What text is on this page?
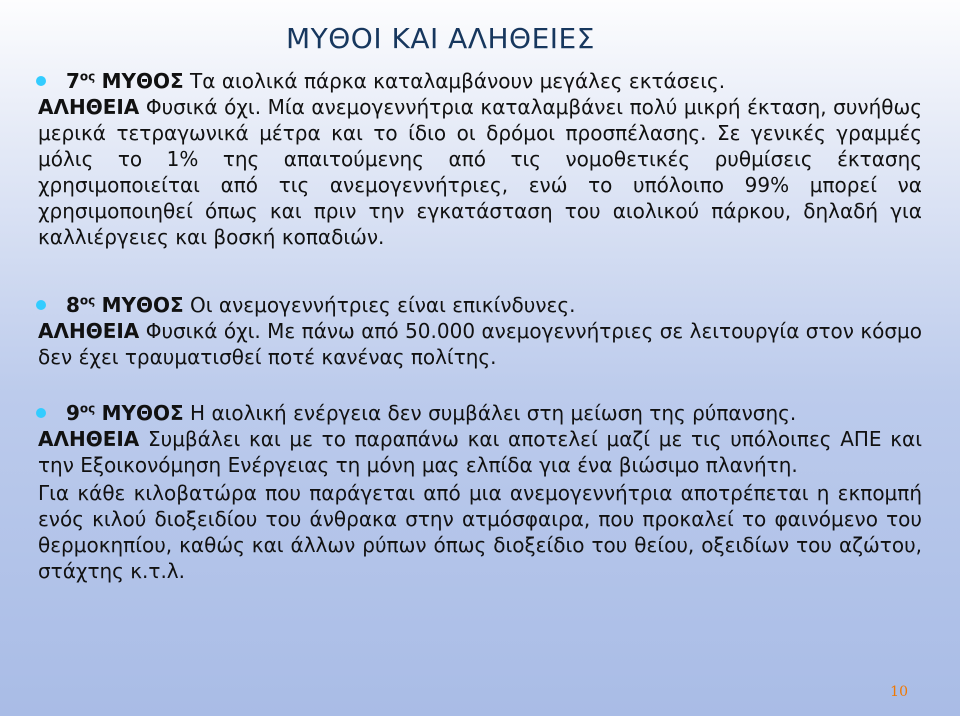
ΜΥΘΟΙ ΚΑΙ ΑΛΗΘΕΙΕΣ
$7^{o\varsigma}$ ΜΥΘΟΣ Τα αιολικά πάρκα καταλαμβάνουν μεγάλες εκτάσεις.
ΑΛΗΘΕΙΑ Φυσικά όχι. Μία ανεμογεννήτρια καταλαμβάνει πολύ μικρή έκταση, συνήθως μερικά τετραγωνικά μέτρα και το ίδιο οι δρόμοι προσπέλασης. Σε γενικές γραμμές μόλις το 1% της απαιτούμενης από τις νομοθετικές ρυθμίσεις έκτασης χρησιμοποιείται από τις ανεμογεννήτριες, ενώ το υπόλοιπο 99% μπορεί να χρησιμοποιηθεί όπως και πριν την εγκατάσταση του αιολικού πάρκου, δηλαδή για καλλιέργειες και βοσκή κοπαδιών.
$8^{o\varsigma}$ ΜΥΘΟΣ Οι ανεμογεννήτριες είναι επικίνδυνες.
ΑΛΗΘΕΙΑ Φυσικά όχι. Με πάνω από 50.000 ανεμογεννήτριες σε λειτουργία στον κόσμο δεν έχει τραυματισθεί ποτέ κανένας πολίτης.
$9^{o\varsigma}$ ΜΥΘΟΣ Η αιολική ενέργεια δεν συμβάλει στη μείωση της ρύπανσης.
ΑΛΗΘΕΙΑ Συμβάλει και με το παραπάνω και αποτελεί μαζί με τις υπόλοιπες ΑΠΕ και την Εξοικονόμηση Ενέργειας τη μόνη μας ελπίδα για ένα βιώσιμο πλανήτη.
Για κάθε κιλοβατώρα που παράγεται από μια ανεμογεννήτρια αποτρέπεται η εκπομπή ενός κιλού διοξειδίου του άνθρακα στην ατμόσφαιρα, που προκαλεί το φαινόμενο του θερμοκηπίου, καθώς και άλλων ρύπων όπως διοξείδιο του θείου, οξειδίων του αζώτου, στάχτης κ.τ.λ.
10
